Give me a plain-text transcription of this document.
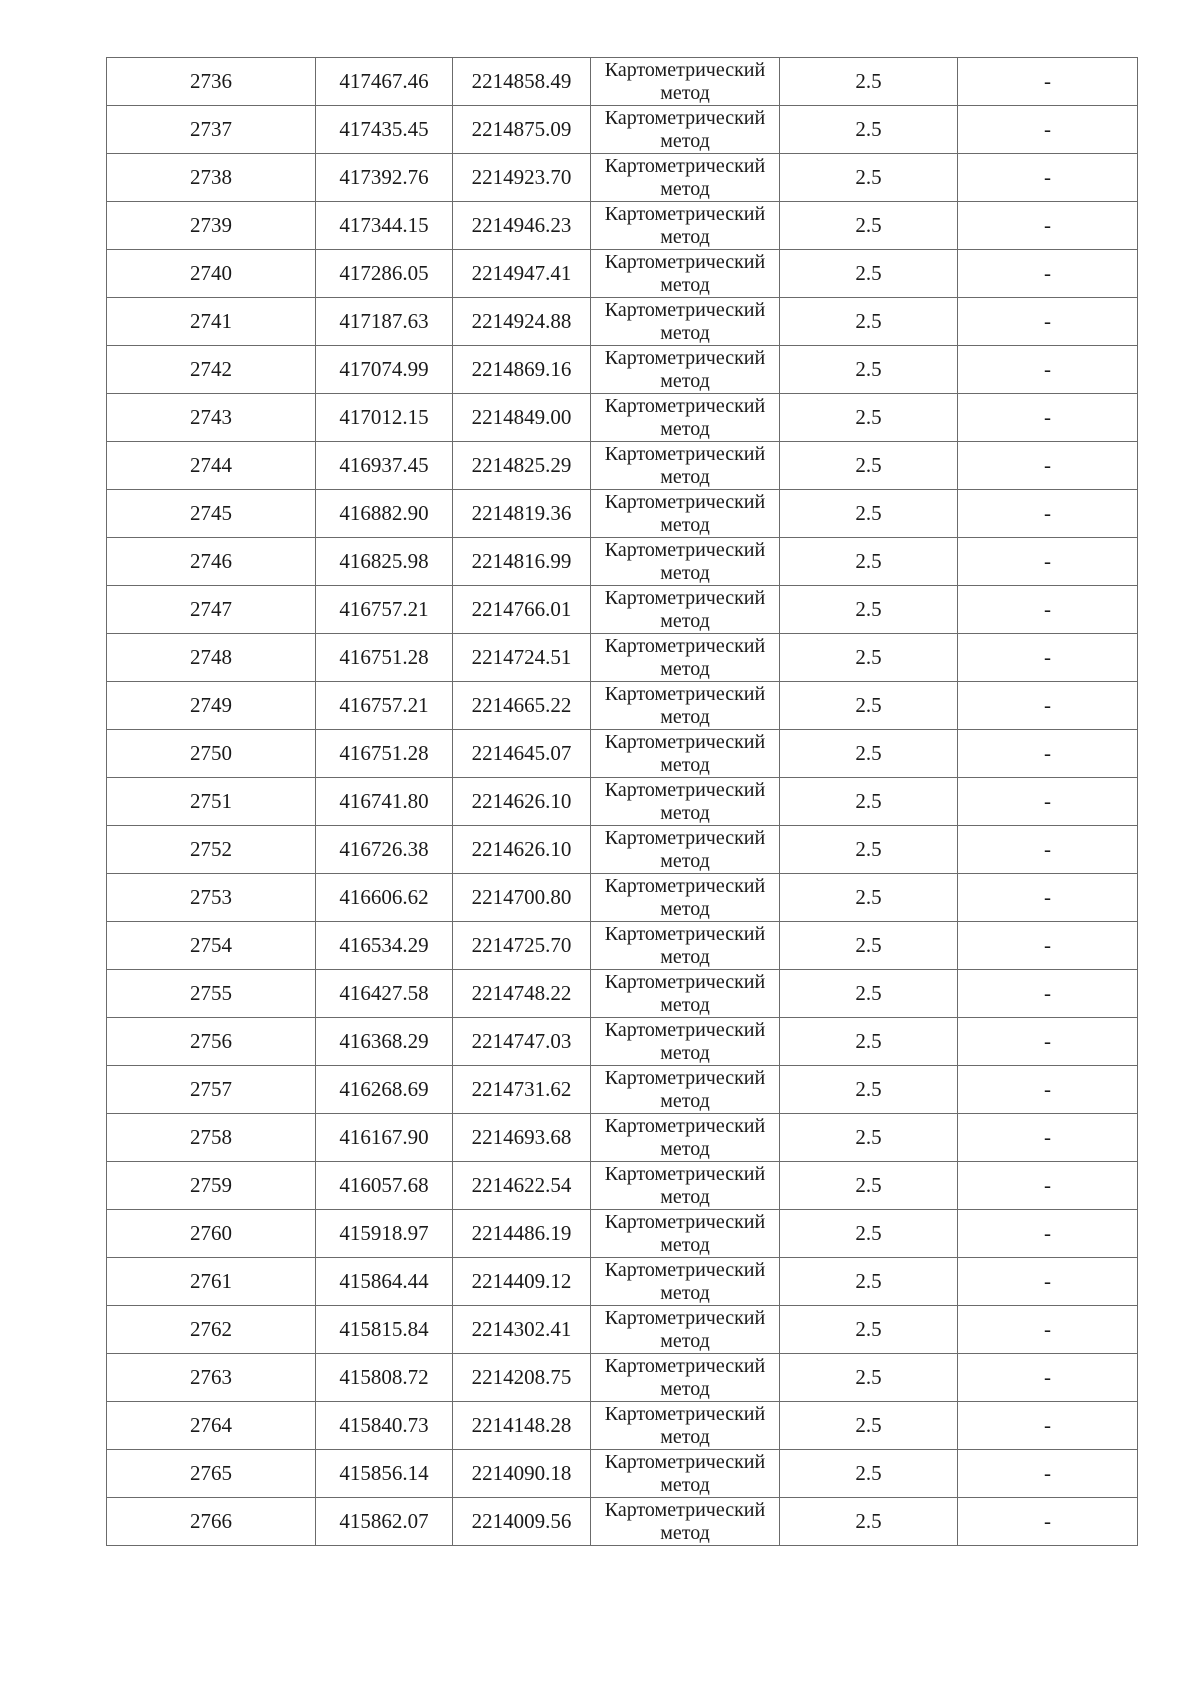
2736	417467.46	2214858.49	Картометрический
метод	2.5	-
2737	417435.45	2214875.09	Картометрический
метод	2.5	-
2738	417392.76	2214923.70	Картометрический
метод	2.5	-
2739	417344.15	2214946.23	Картометрический
метод	2.5	-
2740	417286.05	2214947.41	Картометрический
метод	2.5	-
2741	417187.63	2214924.88	Картометрический
метод	2.5	-
2742	417074.99	2214869.16	Картометрический
метод	2.5	-
2743	417012.15	2214849.00	Картометрический
метод	2.5	-
2744	416937.45	2214825.29	Картометрический
метод	2.5	-
2745	416882.90	2214819.36	Картометрический
метод	2.5	-
2746	416825.98	2214816.99	Картометрический
метод	2.5	-
2747	416757.21	2214766.01	Картометрический
метод	2.5	-
2748	416751.28	2214724.51	Картометрический
метод	2.5	-
2749	416757.21	2214665.22	Картометрический
метод	2.5	-
2750	416751.28	2214645.07	Картометрический
метод	2.5	-
2751	416741.80	2214626.10	Картометрический
метод	2.5	-
2752	416726.38	2214626.10	Картометрический
метод	2.5	-
2753	416606.62	2214700.80	Картометрический
метод	2.5	-
2754	416534.29	2214725.70	Картометрический
метод	2.5	-
2755	416427.58	2214748.22	Картометрический
метод	2.5	-
2756	416368.29	2214747.03	Картометрический
метод	2.5	-
2757	416268.69	2214731.62	Картометрический
метод	2.5	-
2758	416167.90	2214693.68	Картометрический
метод	2.5	-
2759	416057.68	2214622.54	Картометрический
метод	2.5	-
2760	415918.97	2214486.19	Картометрический
метод	2.5	-
2761	415864.44	2214409.12	Картометрический
метод	2.5	-
2762	415815.84	2214302.41	Картометрический
метод	2.5	-
2763	415808.72	2214208.75	Картометрический
метод	2.5	-
2764	415840.73	2214148.28	Картометрический
метод	2.5	-
2765	415856.14	2214090.18	Картометрический
метод	2.5	-
2766	415862.07	2214009.56	Картометрический
метод	2.5	-
